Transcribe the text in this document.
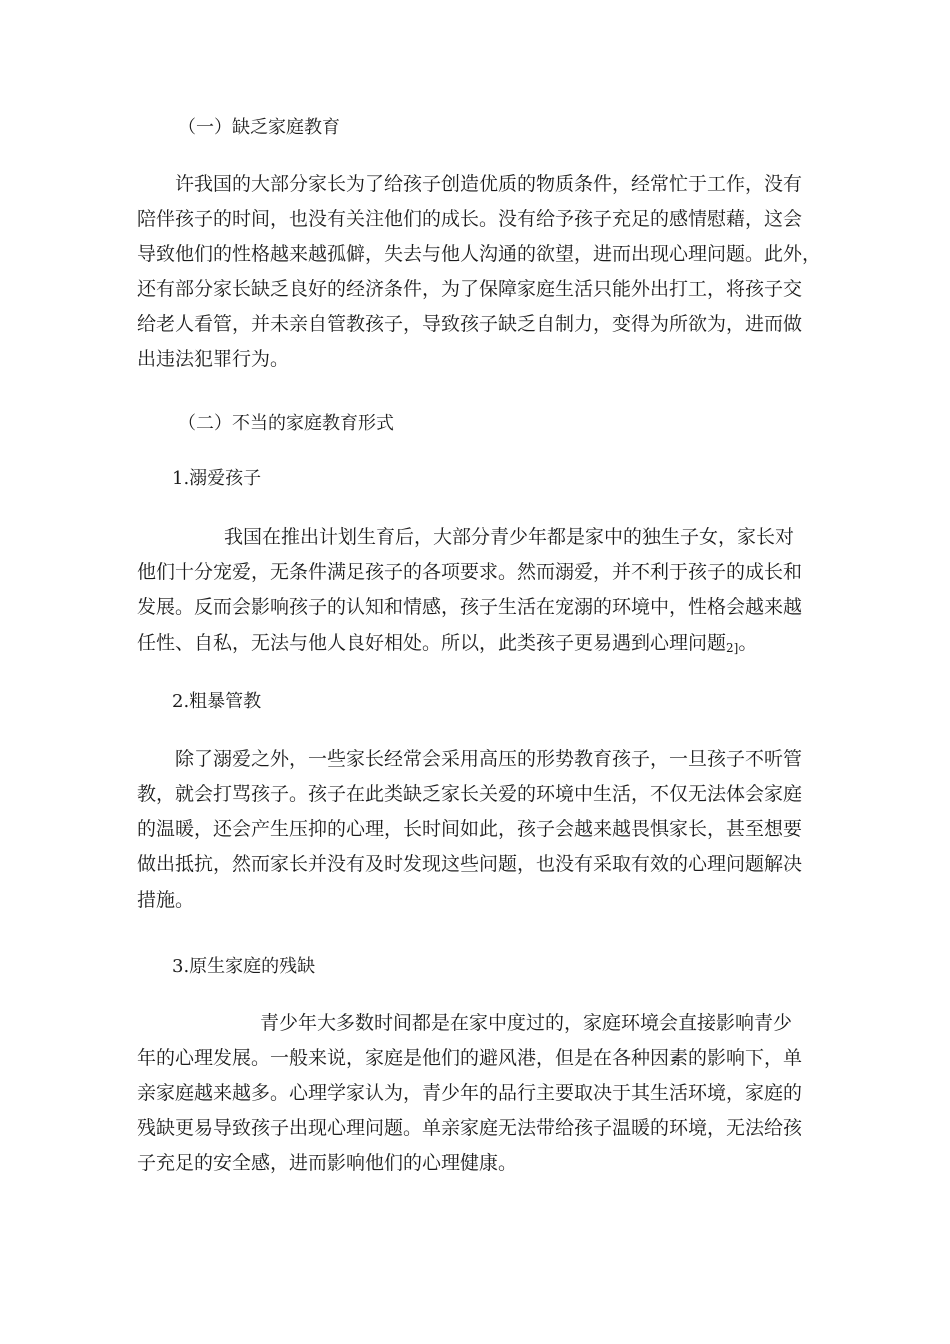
（一）缺乏家庭教育
许我国的大部分家长为了给孩子创造优质的物质条件，经常忙于工作，没有
陪伴孩子的时间，也没有关注他们的成长。没有给予孩子充足的感情慰藉，这会
导致他们的性格越来越孤僻，失去与他人沟通的欲望，进而出现心理问题。此外，
还有部分家长缺乏良好的经济条件，为了保障家庭生活只能外出打工，将孩子交
给老人看管，并未亲自管教孩子，导致孩子缺乏自制力，变得为所欲为，进而做
出违法犯罪行为。
（二）不当的家庭教育形式
1.溺爱孩子
我国在推出计划生育后，大部分青少年都是家中的独生子女，家长对
他们十分宠爱，无条件满足孩子的各项要求。然而溺爱，并不利于孩子的成长和
发展。反而会影响孩子的认知和情感，孩子生活在宠溺的环境中，性格会越来越
任性、自私，无法与他人良好相处。所以，此类孩子更易遇到心理问题2]。
2.粗暴管教
除了溺爱之外，一些家长经常会采用高压的形势教育孩子，一旦孩子不听管
教，就会打骂孩子。孩子在此类缺乏家长关爱的环境中生活，不仅无法体会家庭
的温暖，还会产生压抑的心理，长时间如此，孩子会越来越畏惧家长，甚至想要
做出抵抗，然而家长并没有及时发现这些问题，也没有采取有效的心理问题解决
措施。
3.原生家庭的残缺
青少年大多数时间都是在家中度过的，家庭环境会直接影响青少
年的心理发展。一般来说，家庭是他们的避风港，但是在各种因素的影响下，单
亲家庭越来越多。心理学家认为，青少年的品行主要取决于其生活环境，家庭的
残缺更易导致孩子出现心理问题。单亲家庭无法带给孩子温暖的环境，无法给孩
子充足的安全感，进而影响他们的心理健康。
